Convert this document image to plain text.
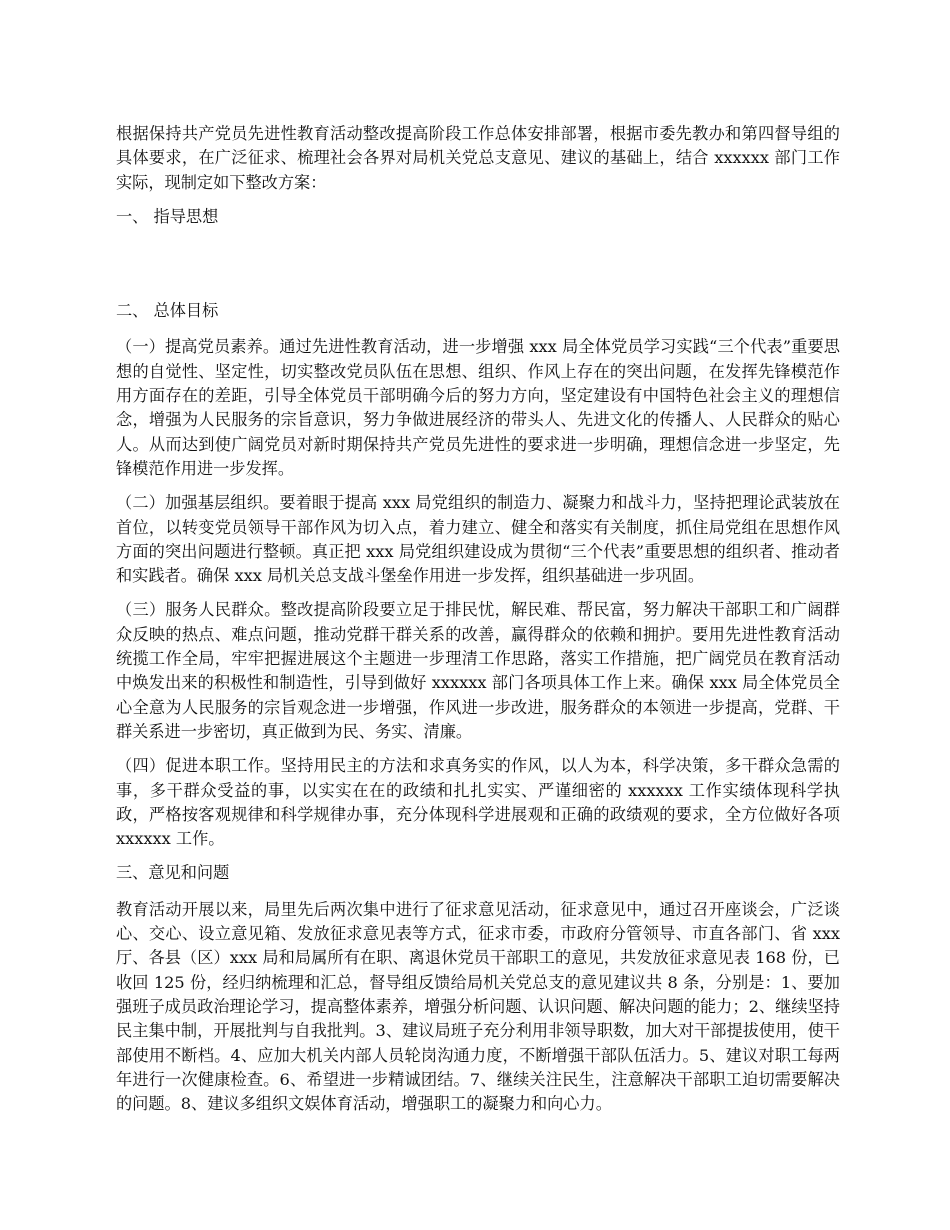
根据保持共产党员先进性教育活动整改提高阶段工作总体安排部署，根据市委先教办和第四督导组的具体要求，在广泛征求、梳理社会各界对局机关党总支意见、建议的基础上，结合 xxxxxx 部门工作实际，现制定如下整改方案：

一、 指导思想

二、 总体目标

（一）提高党员素养。通过先进性教育活动，进一步增强 xxx 局全体党员学习实践“三个代表”重要思想的自觉性、坚定性，切实整改党员队伍在思想、组织、作风上存在的突出问题，在发挥先锋模范作用方面存在的差距，引导全体党员干部明确今后的努力方向，坚定建设有中国特色社会主义的理想信念，增强为人民服务的宗旨意识，努力争做进展经济的带头人、先进文化的传播人、人民群众的贴心人。从而达到使广阔党员对新时期保持共产党员先进性的要求进一步明确，理想信念进一步坚定，先锋模范作用进一步发挥。

（二）加强基层组织。要着眼于提高 xxx 局党组织的制造力、凝聚力和战斗力，坚持把理论武装放在首位，以转变党员领导干部作风为切入点，着力建立、健全和落实有关制度，抓住局党组在思想作风方面的突出问题进行整顿。真正把 xxx 局党组织建设成为贯彻“三个代表”重要思想的组织者、推动者和实践者。确保 xxx 局机关总支战斗堡垒作用进一步发挥，组织基础进一步巩固。

（三）服务人民群众。整改提高阶段要立足于排民忧，解民难、帮民富，努力解决干部职工和广阔群众反映的热点、难点问题，推动党群干群关系的改善，赢得群众的依赖和拥护。要用先进性教育活动统揽工作全局，牢牢把握进展这个主题进一步理清工作思路，落实工作措施，把广阔党员在教育活动中焕发出来的积极性和制造性，引导到做好 xxxxxx 部门各项具体工作上来。确保 xxx 局全体党员全心全意为人民服务的宗旨观念进一步增强，作风进一步改进，服务群众的本领进一步提高，党群、干群关系进一步密切，真正做到为民、务实、清廉。

（四）促进本职工作。坚持用民主的方法和求真务实的作风，以人为本，科学决策，多干群众急需的事，多干群众受益的事，以实实在在的政绩和扎扎实实、严谨细密的 xxxxxx 工作实绩体现科学执政，严格按客观规律和科学规律办事，充分体现科学进展观和正确的政绩观的要求，全方位做好各项 xxxxxx 工作。

三、意见和问题

教育活动开展以来，局里先后两次集中进行了征求意见活动，征求意见中，通过召开座谈会，广泛谈心、交心、设立意见箱、发放征求意见表等方式，征求市委，市政府分管领导、市直各部门、省 xxx 厅、各县（区）xxx 局和局属所有在职、离退休党员干部职工的意见，共发放征求意见表 168 份，已收回 125 份，经归纳梳理和汇总，督导组反馈给局机关党总支的意见建议共 8 条，分别是：1、要加强班子成员政治理论学习，提高整体素养，增强分析问题、认识问题、解决问题的能力；2、继续坚持民主集中制，开展批判与自我批判。3、建议局班子充分利用非领导职数，加大对干部提拔使用，使干部使用不断档。4、应加大机关内部人员轮岗沟通力度，不断增强干部队伍活力。5、建议对职工每两年进行一次健康检查。6、希望进一步精诚团结。7、继续关注民生，注意解决干部职工迫切需要解决的问题。8、建议多组织文娱体育活动，增强职工的凝聚力和向心力。
